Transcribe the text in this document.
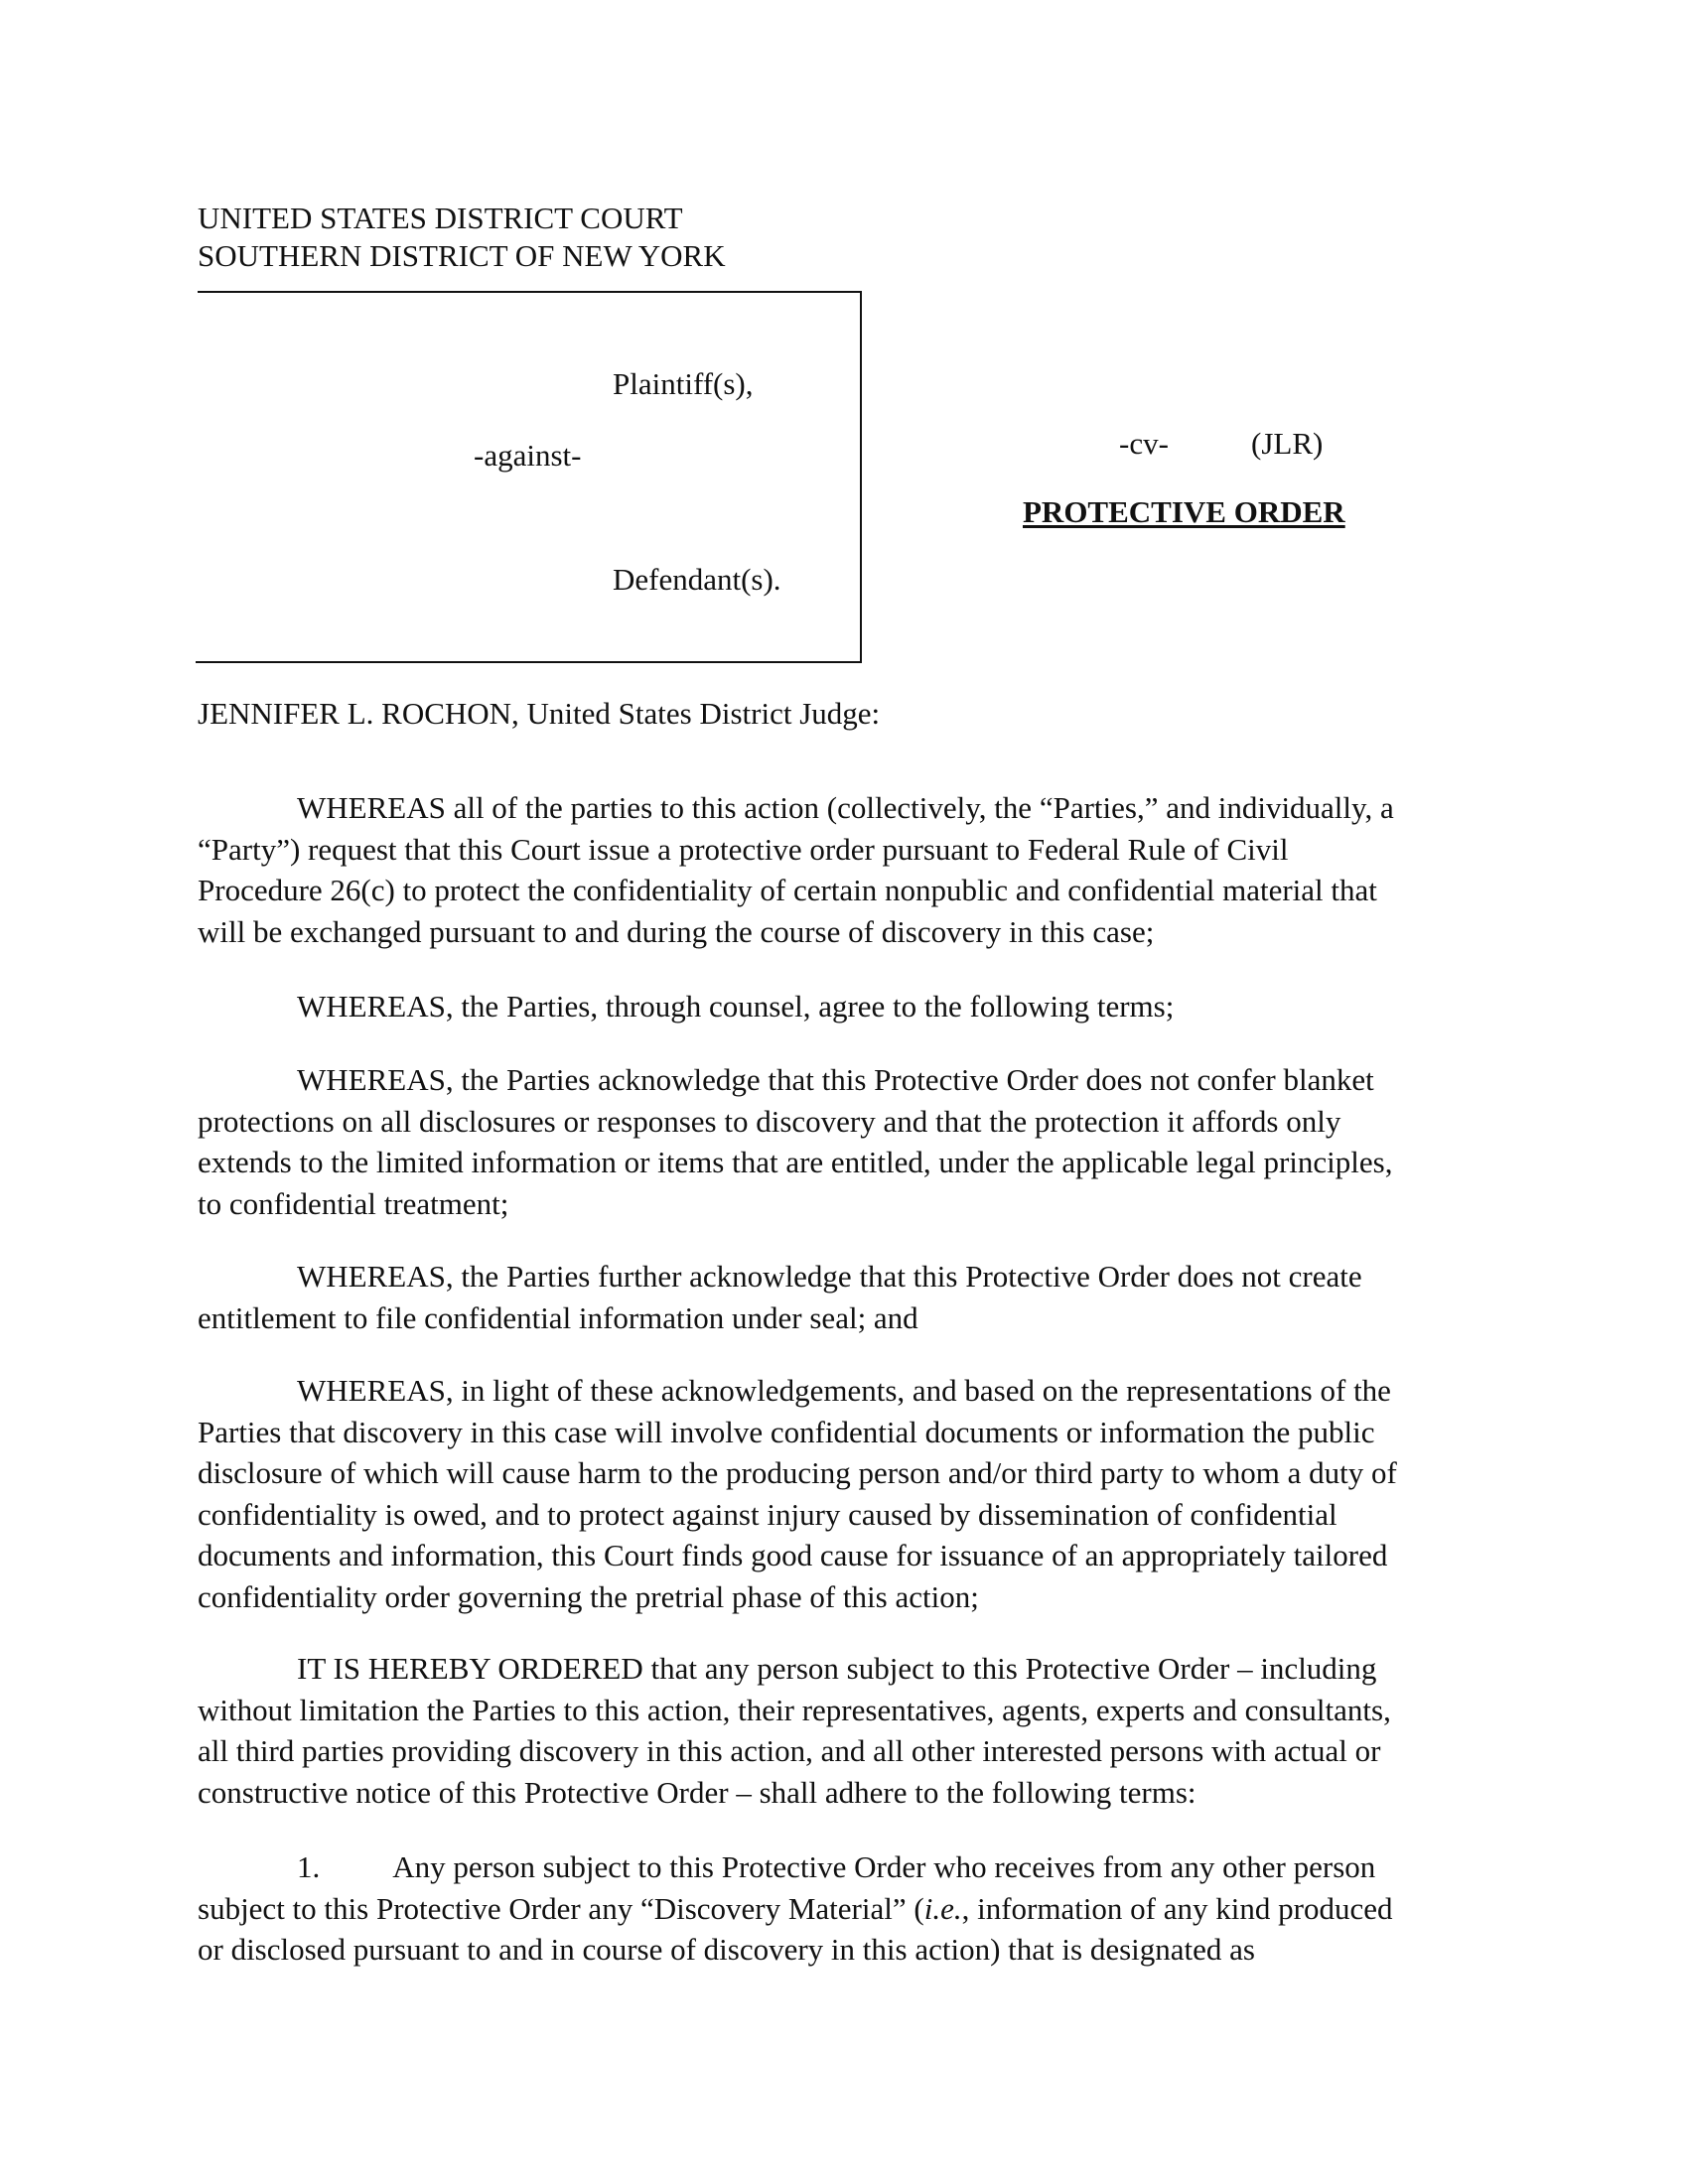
UNITED STATES DISTRICT COURT
SOUTHERN DISTRICT OF NEW YORK
Plaintiff(s),
-against-
Defendant(s).
-cv-	(JLR)
PROTECTIVE ORDER
JENNIFER L. ROCHON, United States District Judge:
WHEREAS all of the parties to this action (collectively, the “Parties,” and individually, a
“Party”) request that this Court issue a protective order pursuant to Federal Rule of Civil
Procedure 26(c) to protect the confidentiality of certain nonpublic and confidential material that
will be exchanged pursuant to and during the course of discovery in this case;
WHEREAS, the Parties, through counsel, agree to the following terms;
WHEREAS, the Parties acknowledge that this Protective Order does not confer blanket
protections on all disclosures or responses to discovery and that the protection it affords only
extends to the limited information or items that are entitled, under the applicable legal principles,
to confidential treatment;
WHEREAS, the Parties further acknowledge that this Protective Order does not create
entitlement to file confidential information under seal; and
WHEREAS, in light of these acknowledgements, and based on the representations of the
Parties that discovery in this case will involve confidential documents or information the public
disclosure of which will cause harm to the producing person and/or third party to whom a duty of
confidentiality is owed, and to protect against injury caused by dissemination of confidential
documents and information, this Court finds good cause for issuance of an appropriately tailored
confidentiality order governing the pretrial phase of this action;
IT IS HEREBY ORDERED that any person subject to this Protective Order – including
without limitation the Parties to this action, their representatives, agents, experts and consultants,
all third parties providing discovery in this action, and all other interested persons with actual or
constructive notice of this Protective Order – shall adhere to the following terms:
1. Any person subject to this Protective Order who receives from any other person
subject to this Protective Order any “Discovery Material” (i.e., information of any kind produced
or disclosed pursuant to and in course of discovery in this action) that is designated as
